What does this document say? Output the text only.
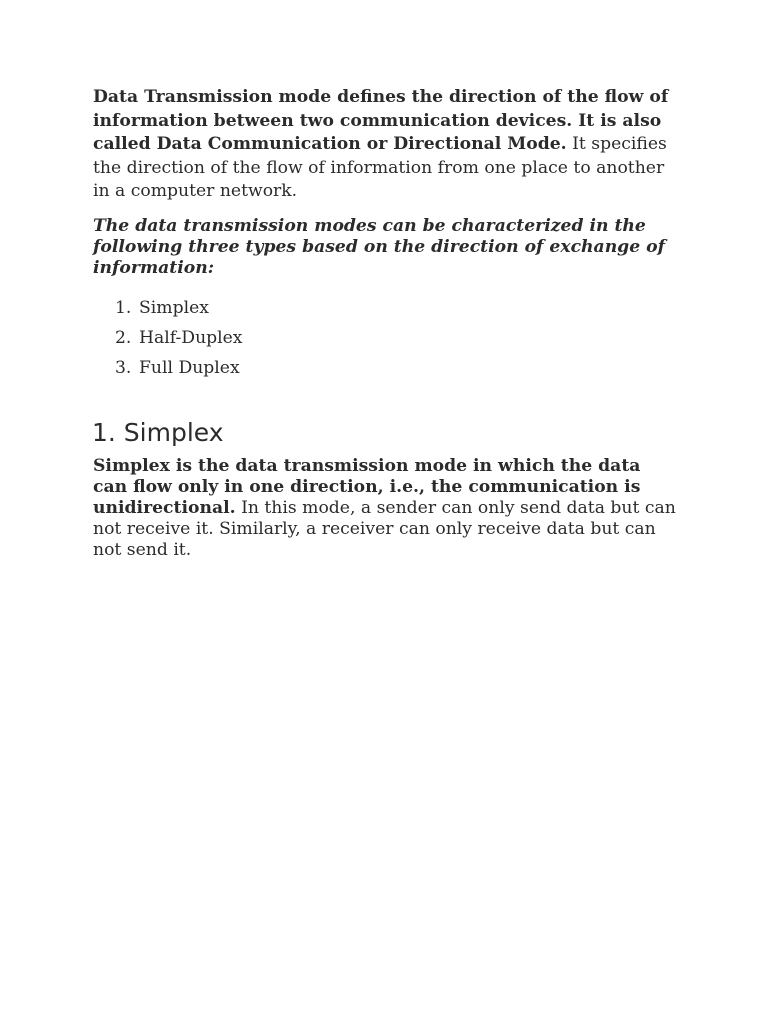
Data Transmission mode defines the direction of the flow of information between two communication devices. It is also called Data Communication or Directional Mode. It specifies the direction of the flow of information from one place to another in a computer network.

The data transmission modes can be characterized in the following three types based on the direction of exchange of information:

1. Simplex
2. Half-Duplex
3. Full Duplex
1. Simplex

Simplex is the data transmission mode in which the data can flow only in one direction, i.e., the communication is unidirectional. In this mode, a sender can only send data but can not receive it. Similarly, a receiver can only receive data but can not send it.
